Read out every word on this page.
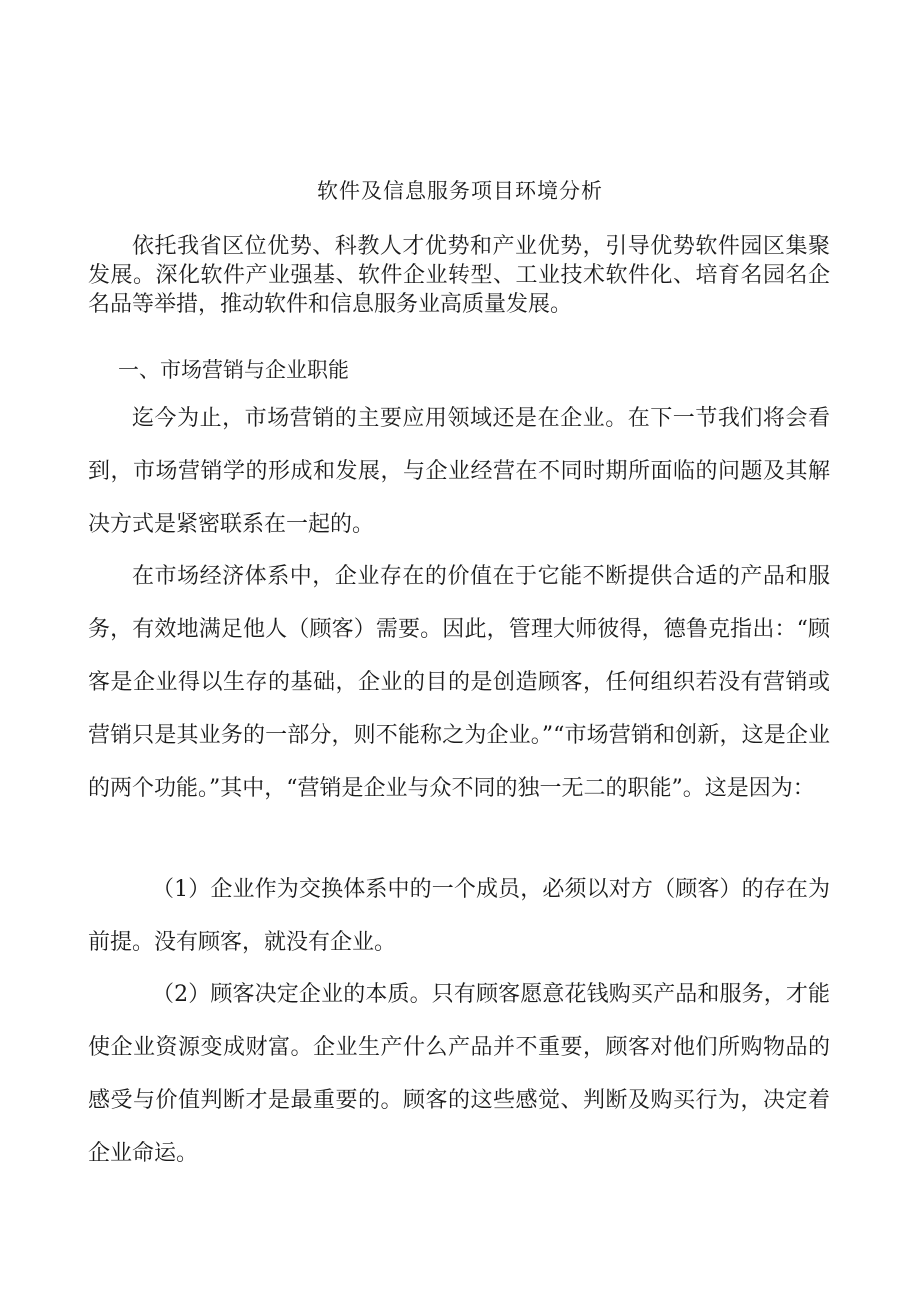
软件及信息服务项目环境分析

依托我省区位优势、科教人才优势和产业优势，引导优势软件园区集聚发展。深化软件产业强基、软件企业转型、工业技术软件化、培育名园名企名品等举措，推动软件和信息服务业高质量发展。

一、市场营销与企业职能

迄今为止，市场营销的主要应用领域还是在企业。在下一节我们将会看到，市场营销学的形成和发展，与企业经营在不同时期所面临的问题及其解决方式是紧密联系在一起的。

在市场经济体系中，企业存在的价值在于它能不断提供合适的产品和服务，有效地满足他人（顾客）需要。因此，管理大师彼得，德鲁克指出：“顾客是企业得以生存的基础，企业的目的是创造顾客，任何组织若没有营销或营销只是其业务的一部分，则不能称之为企业。”“市场营销和创新，这是企业的两个功能。”其中，“营销是企业与众不同的独一无二的职能”。这是因为：

（1）企业作为交换体系中的一个成员，必须以对方（顾客）的存在为前提。没有顾客，就没有企业。

（2）顾客决定企业的本质。只有顾客愿意花钱购买产品和服务，才能使企业资源变成财富。企业生产什么产品并不重要，顾客对他们所购物品的感受与价值判断才是最重要的。顾客的这些感觉、判断及购买行为，决定着企业命运。
